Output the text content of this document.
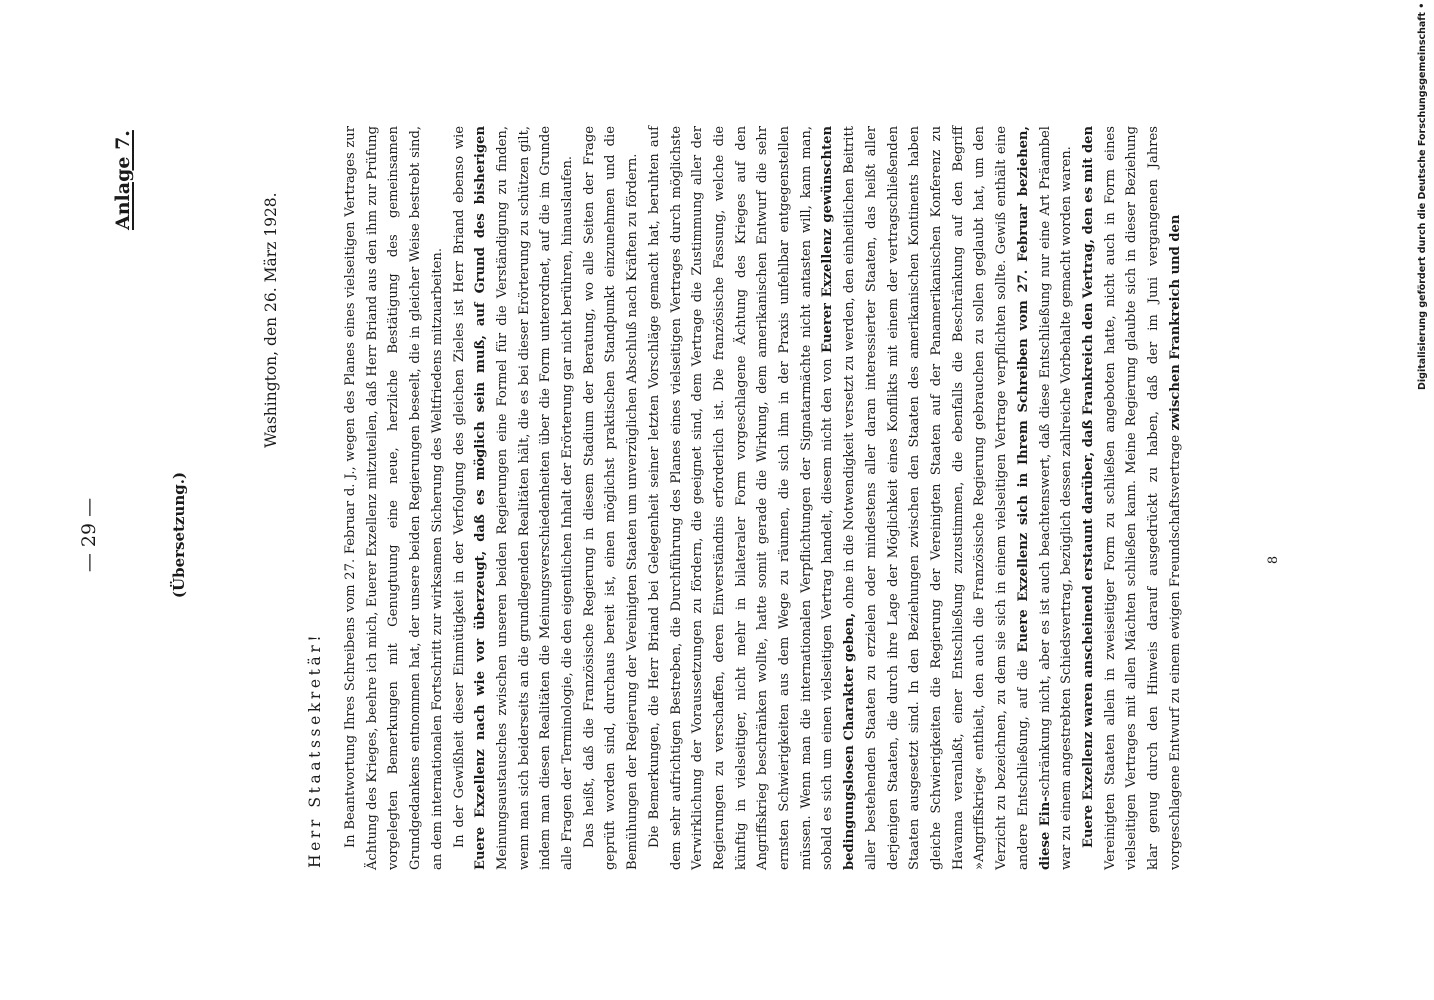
— 29 —
Anlage 7.
(Übersetzung.)
Washington, den 26. März 1928.
Herr Staatssekretär! In Beantwortung Ihres Schreibens vom 27. Februar d. J., wegen des Planes eines vielseitigen Vertrages zur Ächtung des Krieges, beehre ich mich, Euerer Exzellenz mitzuteilen, daß Herr Briand aus den ihm zur Prüfung vorgelegten Bemerkungen mit Genugtuung eine neue, herzliche Bestätigung des gemeinsamen Grundgedankens entnommen hat, der unsere beiden Regierungen beseelt, die in gleicher Weise bestrebt sind, an dem internationalen Fortschritt zur wirksamen Sicherung des Weltfriedens mitzuarbeiten. In der Gewißheit dieser Einmütigkeit in der Verfolgung des gleichen Zieles ist Herr Briand ebenso wie Euere Exzellenz nach wie vor überzeugt, daß es möglich sein muß, auf Grund des bisherigen Meinungsaustausches zwischen unseren beiden Regierungen eine Formel für die Verständigung zu finden, wenn man sich beiderseits an die grundlegenden Realitäten hält, die es bei dieser Erörterung zu schützen gilt, indem man diesen Realitäten die Meinungsverschiedenheiten über die Form unterordnet, auf die im Grunde alle Fragen der Terminologie, die den eigentlichen Inhalt der Erörterung gar nicht berühren, hinauslaufen. Das heißt, daß die Französische Regierung in diesem Stadium der Beratung, wo alle Seiten der Frage geprüft worden sind, durchaus bereit ist, einen möglichst praktischen Standpunkt einzunehmen und die Bemühungen der Regierung der Vereinigten Staaten um unverzüglichen Abschluß nach Kräften zu fördern. Die Bemerkungen, die Herr Briand bei Gelegenheit seiner letzten Vorschläge gemacht hat, beruhten auf dem sehr aufrichtigen Bestreben, die Durchführung des Planes eines vielseitigen Vertrages durch möglichste Verwirklichung der Voraussetzungen zu fördern, die geeignet sind, dem Vertrage die Zustimmung aller der Regierungen zu verschaffen, deren Einverständnis erforderlich ist. Die französische Fassung, welche die künftig in vielseitiger, nicht mehr in bilateraler Form vorgeschlagene Ächtung des Krieges auf den Angriffskrieg beschränken wollte, hatte somit gerade die Wirkung, dem amerikanischen Entwurf die sehr ernsten Schwierigkeiten aus dem Wege zu räumen, die sich ihm in der Praxis unfehlbar entgegenstellen müssen. Wenn man die internationalen Verpflichtungen der Signatarmächte nicht antasten will, kann man, sobald es sich um einen vielseitigen Vertrag handelt, diesem nicht den von Euerer Exzellenz gewünschten bedingungslosen Charakter geben, ohne in die Notwendigkeit versetzt zu werden, den einheitlichen Beitritt aller bestehenden Staaten zu erzielen oder mindestens aller daran interessierter Staaten, das heißt aller derjenigen Staaten, die durch ihre Lage der Möglichkeit eines Konflikts mit einem der vertragschließenden Staaten ausgesetzt sind. In den Beziehungen zwischen den Staaten des amerikanischen Kontinents haben gleiche Schwierigkeiten die Regierung der Vereinigten Staaten auf der Panamerikanischen Konferenz zu Havanna veranlaßt, einer Entschließung zuzustimmen, die ebenfalls die Beschränkung auf den Begriff »Angriffskrieg« enthielt, den auch die Französische Regierung gebrauchen zu sollen geglaubt hat, um den Verzicht zu bezeichnen, zu dem sie sich in einem vielseitigen Vertrage verpflichten sollte. Gewiß enthält eine andere Entschließung, auf die Euere Exzellenz sich in Ihrem Schreiben vom 27. Februar beziehen, diese Ein-schränkung nicht, aber es ist auch beachtenswert, daß diese Entschließung nur eine Art Präambel war zu einem angestrebten Schiedsvertrag, bezüglich dessen zahlreiche Vorbehalte gemacht worden waren. Euere Exzellenz waren anscheinend erstaunt darüber, daß Frankreich den Vertrag, den es mit den Vereinigten Staaten allein in zweiseitiger Form zu schließen angeboten hatte, nicht auch in Form eines vielseitigen Vertrages mit allen Mächten schließen kann. Meine Regierung glaubte sich in dieser Beziehung klar genug durch den Hinweis darauf ausgedrückt zu haben, daß der im Juni vergangenen Jahres vorgeschlagene Entwurf zu einem ewigen Freundschaftsvertrage zwischen Frankreich und den

8
Digitalisierung gefördert durch die Deutsche Forschungsgemeinschaft •
